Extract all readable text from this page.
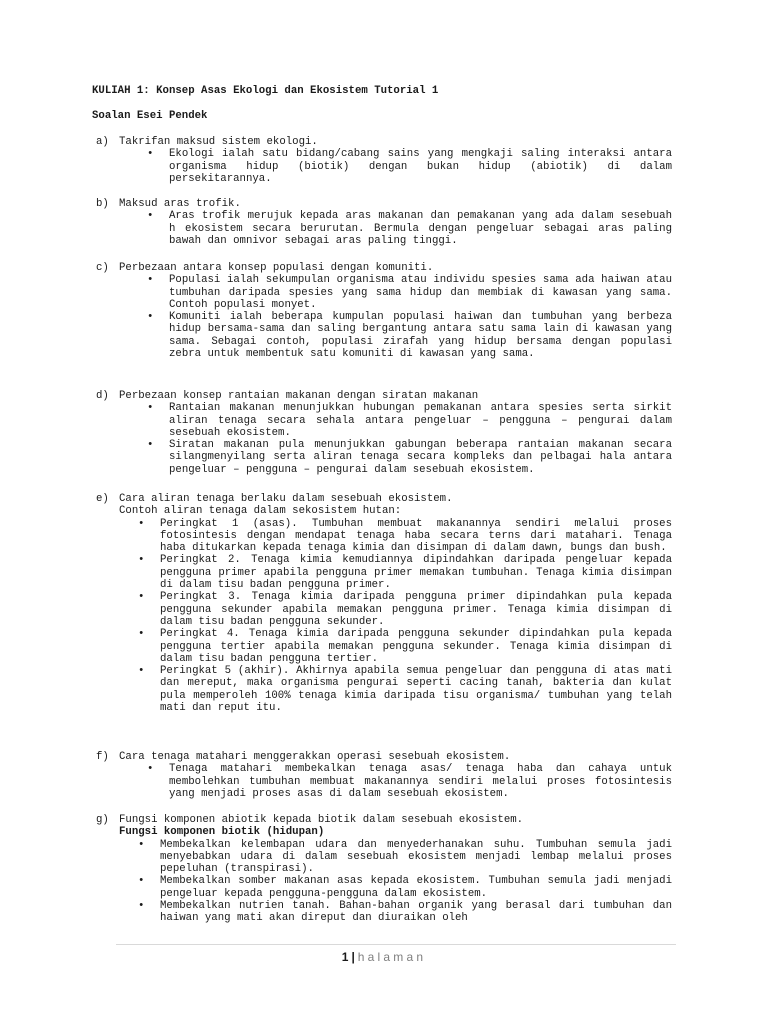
KULIAH 1: Konsep Asas Ekologi dan Ekosistem Tutorial 1
Soalan Esei Pendek
a) Takrifan maksud sistem ekologi.
• Ekologi ialah satu bidang/cabang sains yang mengkaji saling interaksi antara organisma hidup (biotik) dengan bukan hidup (abiotik) di dalam persekitarannya.
b) Maksud aras trofik.
• Aras trofik merujuk kepada aras makanan dan pemakanan yang ada dalam sesebuah h ekosistem secara berurutan. Bermula dengan pengeluar sebagai aras paling bawah dan omnivor sebagai aras paling tinggi.
c) Perbezaan antara konsep populasi dengan komuniti.
• Populasi ialah sekumpulan organisma atau individu spesies sama ada haiwan atau tumbuhan daripada spesies yang sama hidup dan membiak di kawasan yang sama. Contoh populasi monyet.
• Komuniti ialah beberapa kumpulan populasi haiwan dan tumbuhan yang berbeza hidup bersama-sama dan saling bergantung antara satu sama lain di kawasan yang sama. Sebagai contoh, populasi zirafah yang hidup bersama dengan populasi zebra untuk membentuk satu komuniti di kawasan yang sama.
d) Perbezaan konsep rantaian makanan dengan siratan makanan
• Rantaian makanan menunjukkan hubungan pemakanan antara spesies serta sirkit aliran tenaga secara sehala antara pengeluar – pengguna – pengurai dalam sesebuah ekosistem.
• Siratan makanan pula menunjukkan gabungan beberapa rantaian makanan secara silangmenyilang serta aliran tenaga secara kompleks dan pelbagai hala antara pengeluar – pengguna – pengurai dalam sesebuah ekosistem.
e) Cara aliran tenaga berlaku dalam sesebuah ekosistem.
Contoh aliran tenaga dalam sekosistem hutan:
• Peringkat 1 (asas). Tumbuhan membuat makanannya sendiri melalui proses fotosintesis dengan mendapat tenaga haba secara terns dari matahari. Tenaga haba ditukarkan kepada tenaga kimia dan disimpan di dalam dawn, bungs dan bush.
• Peringkat 2. Tenaga kimia kemudiannya dipindahkan daripada pengeluar kepada pengguna primer apabila pengguna primer memakan tumbuhan. Tenaga kimia disimpan di dalam tisu badan pengguna primer.
• Peringkat 3. Tenaga kimia daripada pengguna primer dipindahkan pula kepada pengguna sekunder apabila memakan pengguna primer. Tenaga kimia disimpan di dalam tisu badan pengguna sekunder.
• Peringkat 4. Tenaga kimia daripada pengguna sekunder dipindahkan pula kepada pengguna tertier apabila memakan pengguna sekunder. Tenaga kimia disimpan di dalam tisu badan pengguna tertier.
• Peringkat 5 (akhir). Akhirnya apabila semua pengeluar dan pengguna di atas mati dan mereput, maka organisma pengurai seperti cacing tanah, bakteria dan kulat pula memperoleh 100% tenaga kimia daripada tisu organisma/ tumbuhan yang telah mati dan reput itu.
f) Cara tenaga matahari menggerakkan operasi sesebuah ekosistem.
• Tenaga matahari membekalkan tenaga asas/ tenaga haba dan cahaya untuk membolehkan tumbuhan membuat makanannya sendiri melalui proses fotosintesis yang menjadi proses asas di dalam sesebuah ekosistem.
g) Fungsi komponen abiotik kepada biotik dalam sesebuah ekosistem.
Fungsi komponen biotik (hidupan)
• Membekalkan kelembapan udara dan menyederhanakan suhu. Tumbuhan semula jadi menyebabkan udara di dalam sesebuah ekosistem menjadi lembap melalui proses pepeluhan (transpirasi).
• Membekalkan somber makanan asas kepada ekosistem. Tumbuhan semula jadi menjadi pengeluar kepada pengguna-pengguna dalam ekosistem.
• Membekalkan nutrien tanah. Bahan-bahan organik yang berasal dari tumbuhan dan haiwan yang mati akan direput dan diuraikan oleh
1 | halaman
